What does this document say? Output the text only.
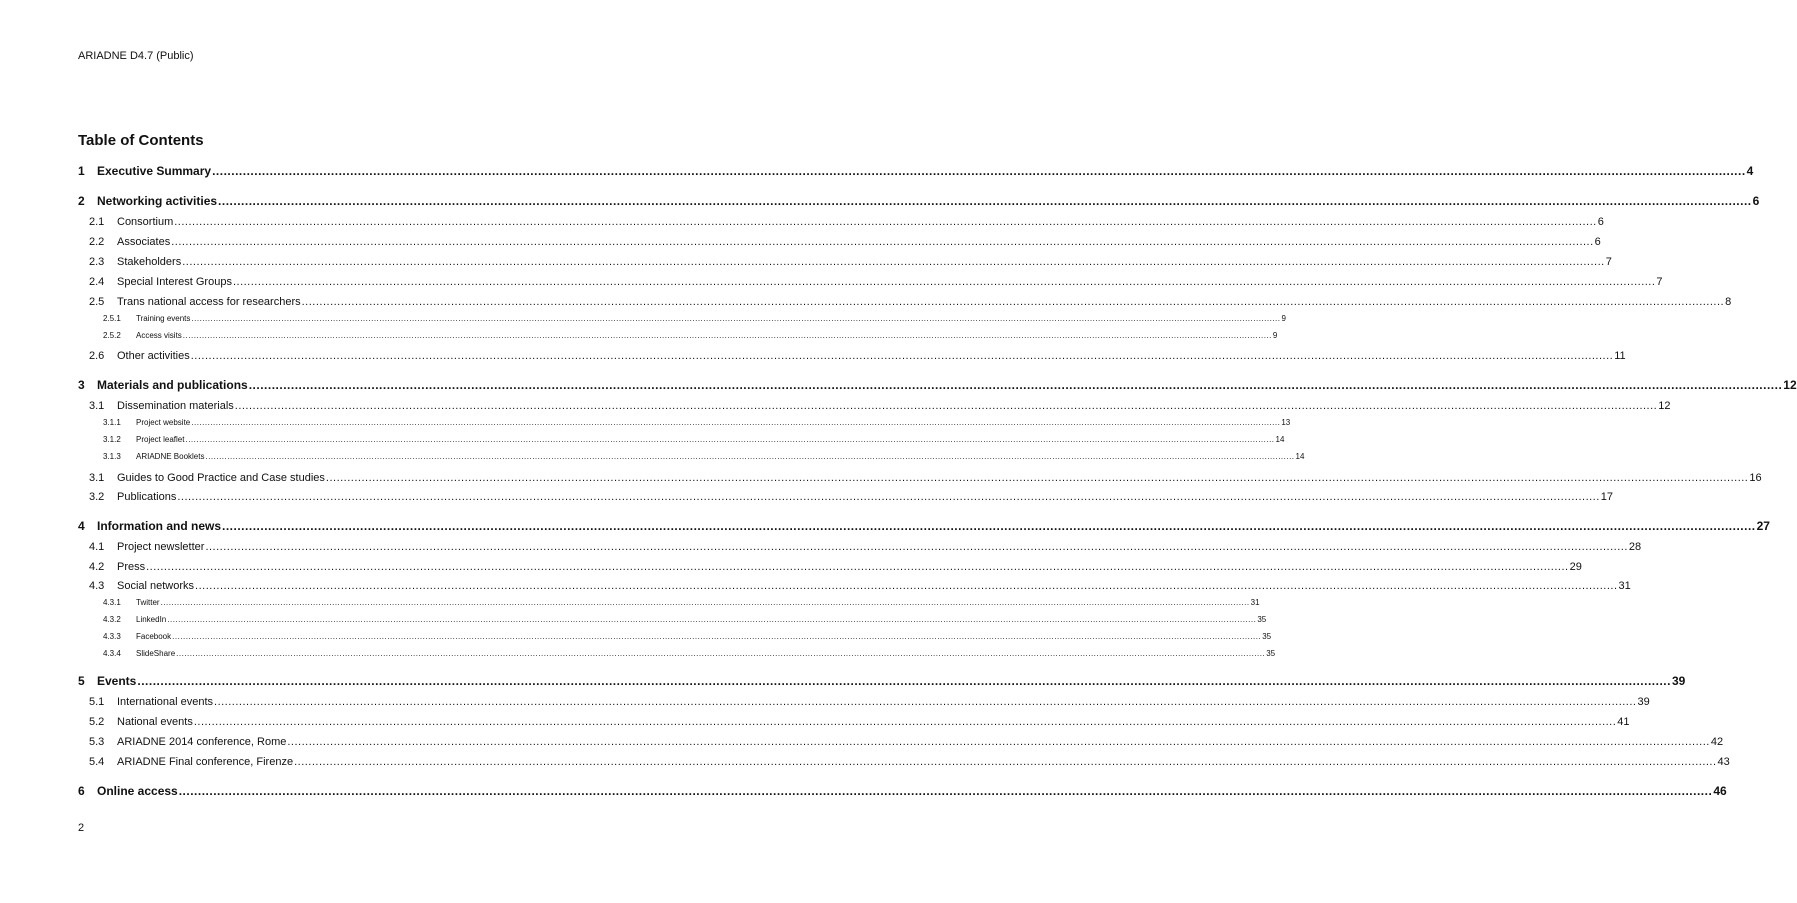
ARIADNE D4.7 (Public)
Table of Contents
1	Executive Summary ................................................................................................................................................................................................................................................................................................................................................................................................................ 4
2	Networking activities ................................................................................................................................................................................................................................................................................................................................................................................................................ 6
2.1	Consortium ................................................................................................................................................................................................................................................................................................................................................................................................................ 6
2.2	Associates ................................................................................................................................................................................................................................................................................................................................................................................................................ 6
2.3	Stakeholders ................................................................................................................................................................................................................................................................................................................................................................................................................ 7
2.4	Special Interest Groups ................................................................................................................................................................................................................................................................................................................................................................................................................ 7
2.5	Trans national access for researchers ................................................................................................................................................................................................................................................................................................................................................................................................................ 8
2.5.1	Training events ................................................................................................................................................................................................................................................................................................................................................................................................................ 9
2.5.2	Access visits ................................................................................................................................................................................................................................................................................................................................................................................................................ 9
2.6	Other activities ................................................................................................................................................................................................................................................................................................................................................................................................................ 11
3	Materials and publications ................................................................................................................................................................................................................................................................................................................................................................................................................ 12
3.1	Dissemination materials ................................................................................................................................................................................................................................................................................................................................................................................................................ 12
3.1.1	Project website ................................................................................................................................................................................................................................................................................................................................................................................................................ 13
3.1.2	Project leaflet ................................................................................................................................................................................................................................................................................................................................................................................................................ 14
3.1.3	ARIADNE Booklets ................................................................................................................................................................................................................................................................................................................................................................................................................ 14
3.1	Guides to Good Practice and Case studies ................................................................................................................................................................................................................................................................................................................................................................................................................ 16
3.2	Publications ................................................................................................................................................................................................................................................................................................................................................................................................................ 17
4	Information and news ................................................................................................................................................................................................................................................................................................................................................................................................................ 27
4.1	Project newsletter ................................................................................................................................................................................................................................................................................................................................................................................................................ 28
4.2	Press ................................................................................................................................................................................................................................................................................................................................................................................................................ 29
4.3	Social networks ................................................................................................................................................................................................................................................................................................................................................................................................................ 31
4.3.1	Twitter ................................................................................................................................................................................................................................................................................................................................................................................................................ 31
4.3.2	LinkedIn ................................................................................................................................................................................................................................................................................................................................................................................................................ 35
4.3.3	Facebook ................................................................................................................................................................................................................................................................................................................................................................................................................ 35
4.3.4	SlideShare ................................................................................................................................................................................................................................................................................................................................................................................................................ 35
5	Events ................................................................................................................................................................................................................................................................................................................................................................................................................ 39
5.1	International events ................................................................................................................................................................................................................................................................................................................................................................................................................ 39
5.2	National events ................................................................................................................................................................................................................................................................................................................................................................................................................ 41
5.3	ARIADNE 2014 conference, Rome ................................................................................................................................................................................................................................................................................................................................................................................................................ 42
5.4	ARIADNE Final conference, Firenze ................................................................................................................................................................................................................................................................................................................................................................................................................ 43
6	Online access ................................................................................................................................................................................................................................................................................................................................................................................................................ 46
2
